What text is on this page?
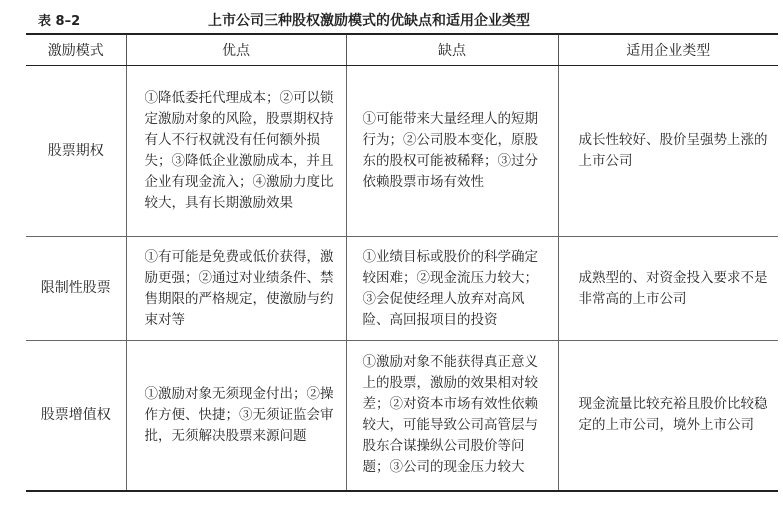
表 8–2	上市公司三种股权激励模式的优缺点和适用企业类型
激励模式	优点	缺点	适用企业类型
股票期权	①降低委托代理成本；②可以锁定激励对象的风险，股票期权持有人不行权就没有任何额外损失；③降低企业激励成本，并且企业有现金流入；④激励力度比较大，具有长期激励效果	①可能带来大量经理人的短期行为；②公司股本变化，原股东的股权可能被稀释；③过分依赖股票市场有效性	成长性较好、股价呈强势上涨的上市公司

限制性股票	①有可能是免费或低价获得，激励更强；②通过对业绩条件、禁售期限的严格规定，使激励与约束对等	①业绩目标或股价的科学确定较困难；②现金流压力较大；③会促使经理人放弃对高风险、高回报项目的投资	成熟型的、对资金投入要求不是非常高的上市公司

股票增值权	①激励对象无须现金付出；②操作方便、快捷；③无须证监会审批，无须解决股票来源问题	①激励对象不能获得真正意义上的股票，激励的效果相对较差；②对资本市场有效性依赖较大，可能导致公司高管层与股东合谋操纵公司股价等问题；③公司的现金压力较大	现金流量比较充裕且股价比较稳定的上市公司，境外上市公司
